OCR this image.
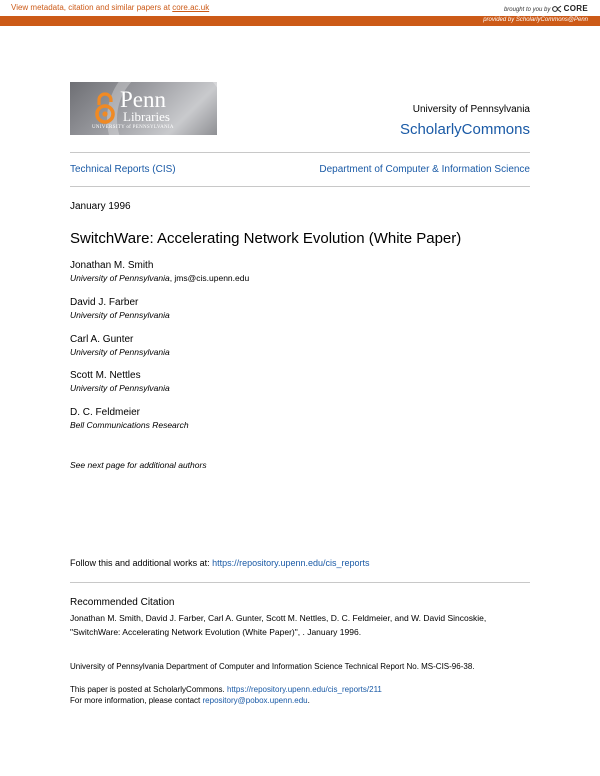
View metadata, citation and similar papers at core.ac.uk	brought to you by CORE
provided by ScholarlyCommons@Penn
Penn
Libraries
UNIVERSITY of PENNSYLVANIA
University of Pennsylvania
ScholarlyCommons
Technical Reports (CIS)	Department of Computer & Information Science
January 1996
SwitchWare: Accelerating Network Evolution (White Paper)
Jonathan M. Smith
University of Pennsylvania, jms@cis.upenn.edu
David J. Farber
University of Pennsylvania
Carl A. Gunter
University of Pennsylvania
Scott M. Nettles
University of Pennsylvania
D. C. Feldmeier
Bell Communications Research
See next page for additional authors
Follow this and additional works at: https://repository.upenn.edu/cis_reports
Recommended Citation
Jonathan M. Smith, David J. Farber, Carl A. Gunter, Scott M. Nettles, D. C. Feldmeier, and W. David Sincoskie, "SwitchWare: Accelerating Network Evolution (White Paper)", . January 1996.
University of Pennsylvania Department of Computer and Information Science Technical Report No. MS-CIS-96-38.
This paper is posted at ScholarlyCommons. https://repository.upenn.edu/cis_reports/211
For more information, please contact repository@pobox.upenn.edu.
